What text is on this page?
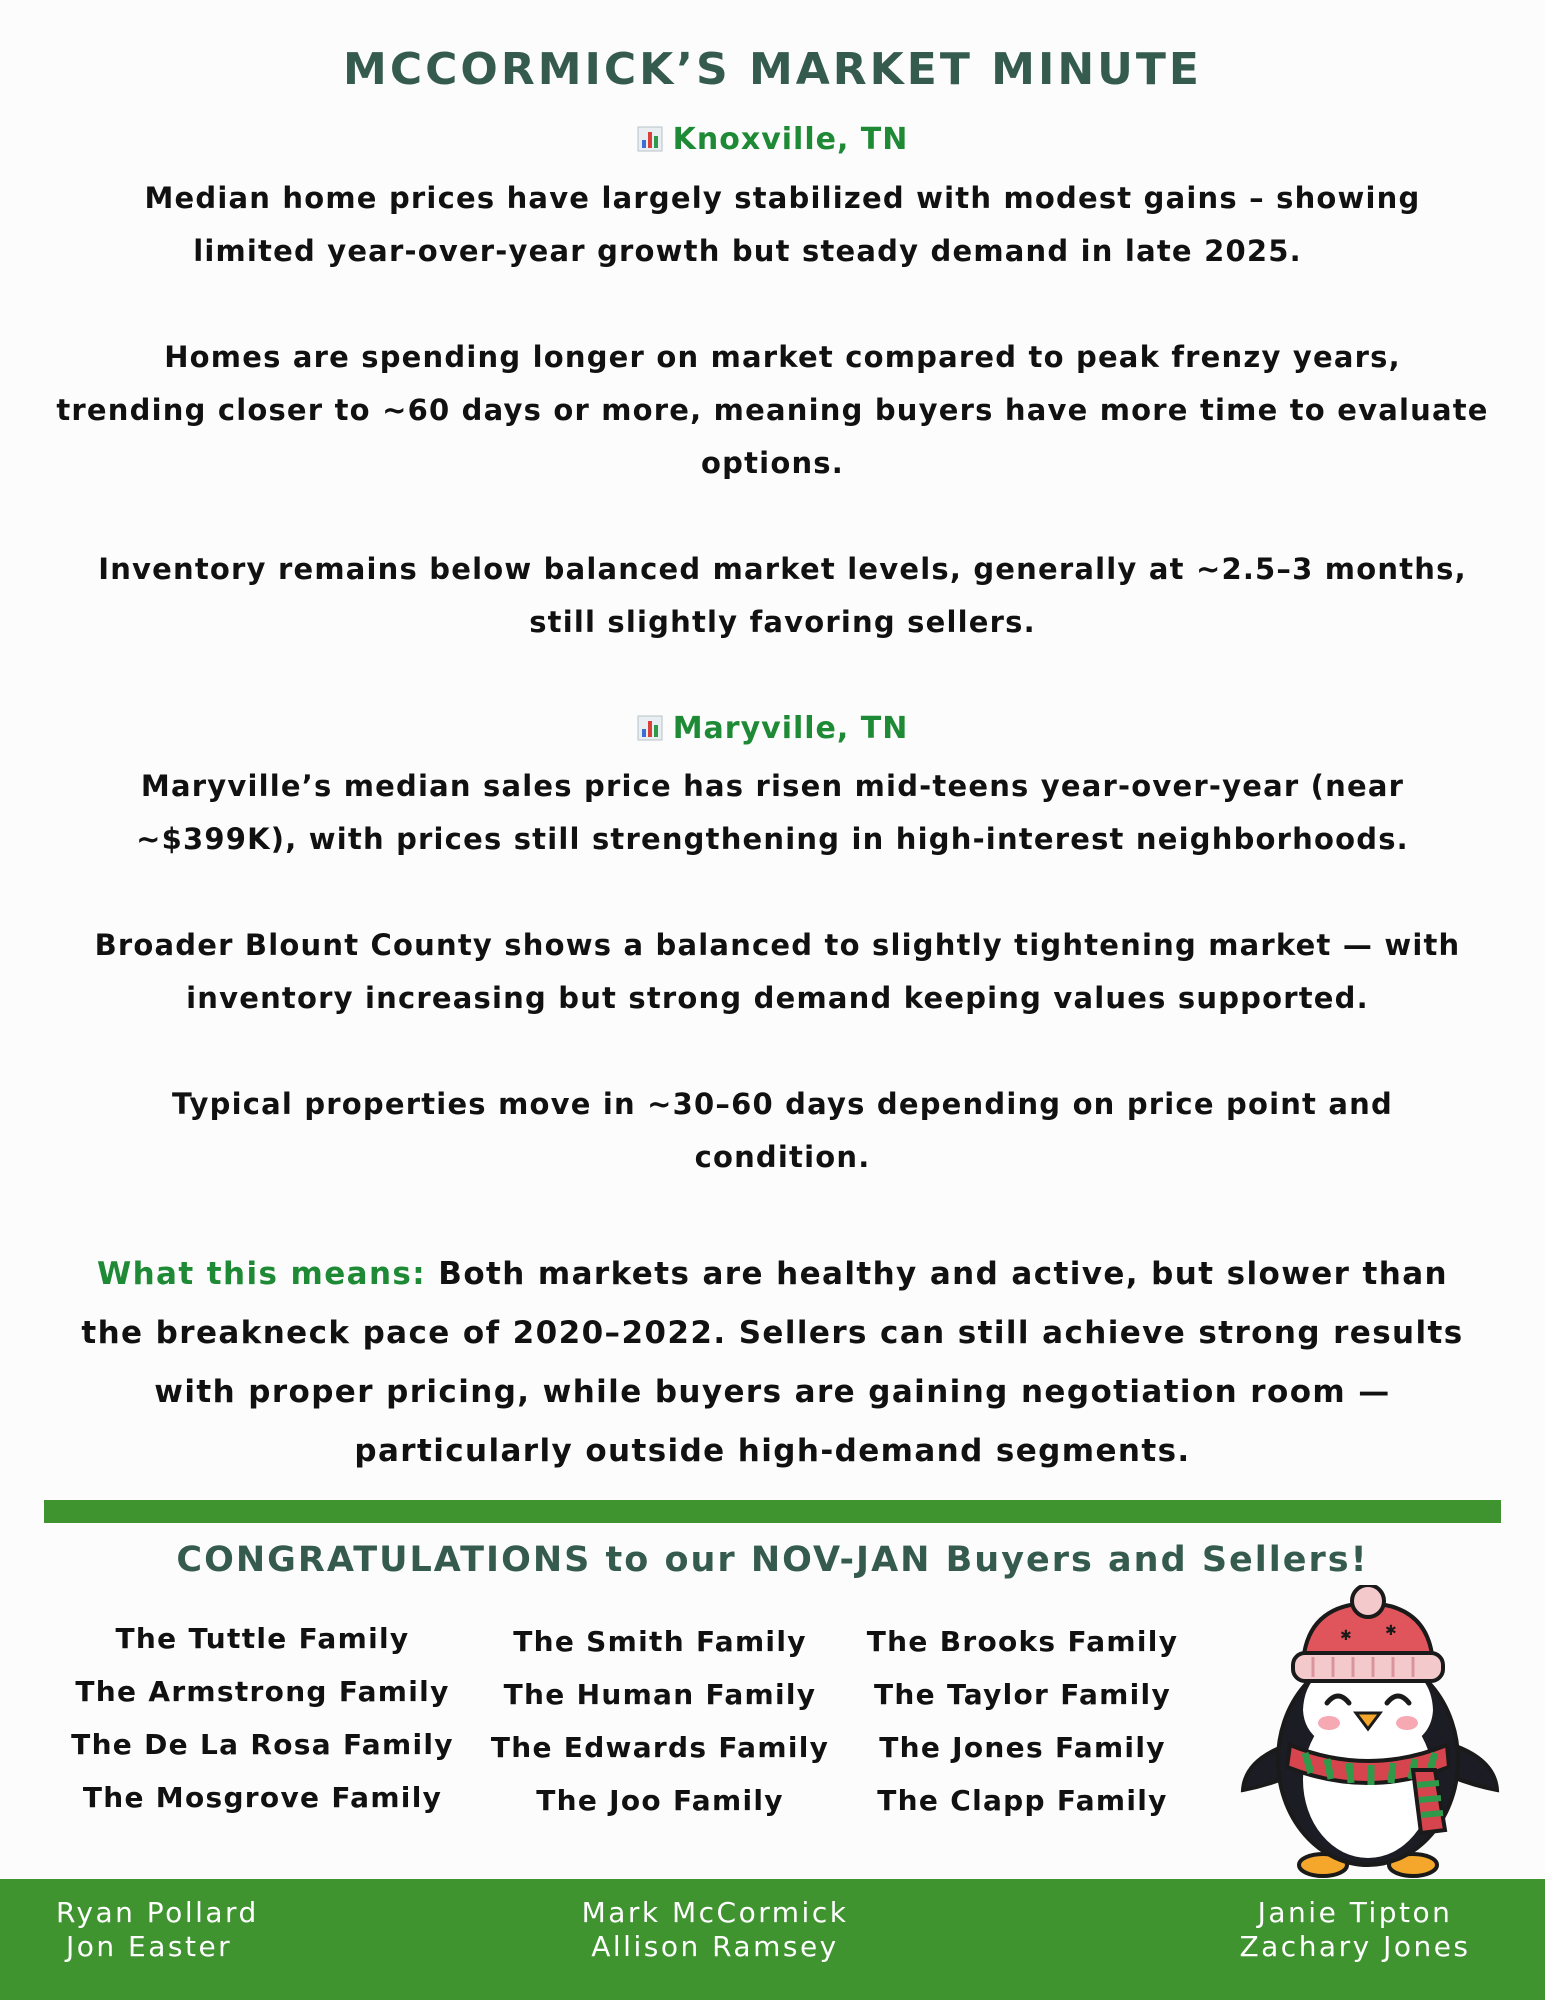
MCCORMICK’S MARKET MINUTE
Knoxville, TN
Median home prices have largely stabilized with modest gains – showing
limited year-over-year growth but steady demand in late 2025.
Homes are spending longer on market compared to peak frenzy years,
trending closer to ~60 days or more, meaning buyers have more time to evaluate
options.
Inventory remains below balanced market levels, generally at ~2.5–3 months,
still slightly favoring sellers.
Maryville, TN
Maryville’s median sales price has risen mid-teens year-over-year (near
~$399K), with prices still strengthening in high-interest neighborhoods.
Broader Blount County shows a balanced to slightly tightening market — with
inventory increasing but strong demand keeping values supported.
Typical properties move in ~30–60 days depending on price point and
condition.
What this means: Both markets are healthy and active, but slower than
the breakneck pace of 2020–2022. Sellers can still achieve strong results
with proper pricing, while buyers are gaining negotiation room —
particularly outside high-demand segments.
CONGRATULATIONS to our NOV-JAN Buyers and Sellers!
The Tuttle Family
The Armstrong Family
The De La Rosa Family
The Mosgrove Family
The Smith Family
The Human Family
The Edwards Family
The Joo Family
The Brooks Family
The Taylor Family
The Jones Family
The Clapp Family
✱ ✱
Ryan Pollard
Jon Easter
Mark McCormick
Allison Ramsey
Janie Tipton
Zachary Jones
